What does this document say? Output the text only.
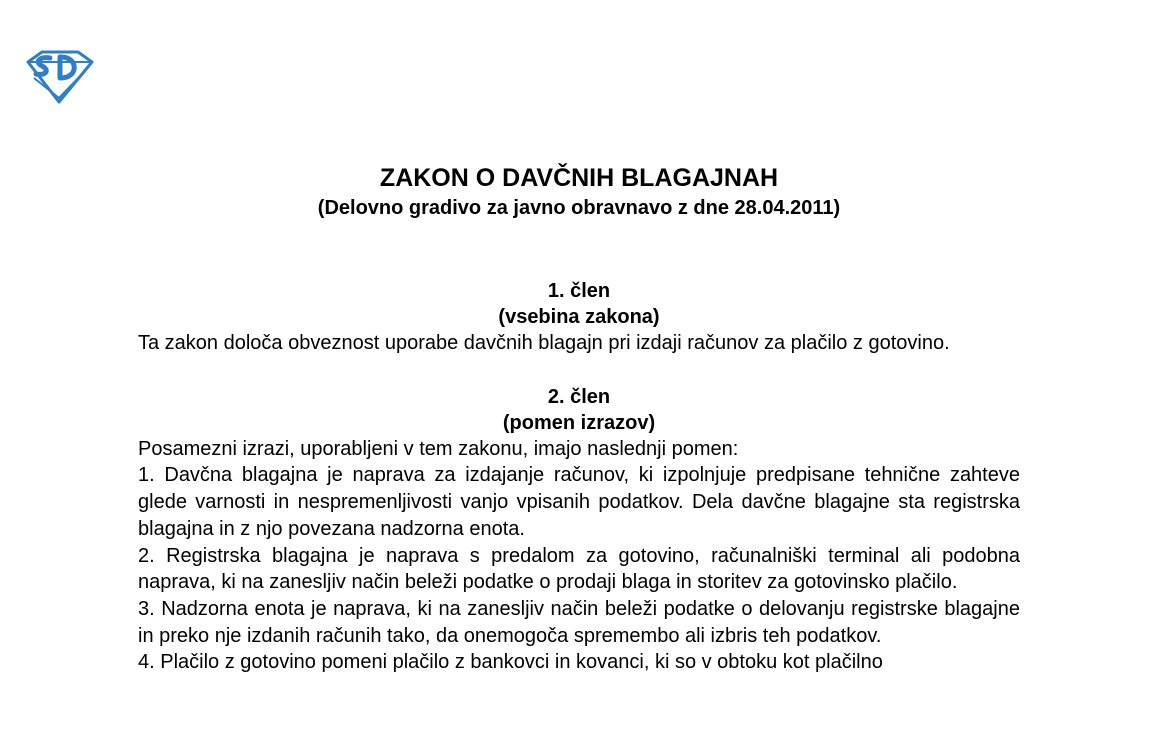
ZAKON O DAVČNIH BLAGAJNAH

(Delovno gradivo za javno obravnavo z dne 28.04.2011)

1. člen

(vsebina zakona)

Ta zakon določa obveznost uporabe davčnih blagajn pri izdaji računov za plačilo z gotovino.

2. člen

(pomen izrazov)

Posamezni izrazi, uporabljeni v tem zakonu, imajo naslednji pomen:

1. Davčna blagajna je naprava za izdajanje računov, ki izpolnjuje predpisane tehnične zahteve glede varnosti in nespremenljivosti vanjo vpisanih podatkov. Dela davčne blagajne sta registrska blagajna in z njo povezana nadzorna enota.

2. Registrska blagajna je naprava s predalom za gotovino, računalniški terminal ali podobna naprava, ki na zanesljiv način beleži podatke o prodaji blaga in storitev za gotovinsko plačilo.

3. Nadzorna enota je naprava, ki na zanesljiv način beleži podatke o delovanju registrske blagajne in preko nje izdanih računih tako, da onemogoča spremembo ali izbris teh podatkov.

4. Plačilo z gotovino pomeni plačilo z bankovci in kovanci, ki so v obtoku kot plačilno
